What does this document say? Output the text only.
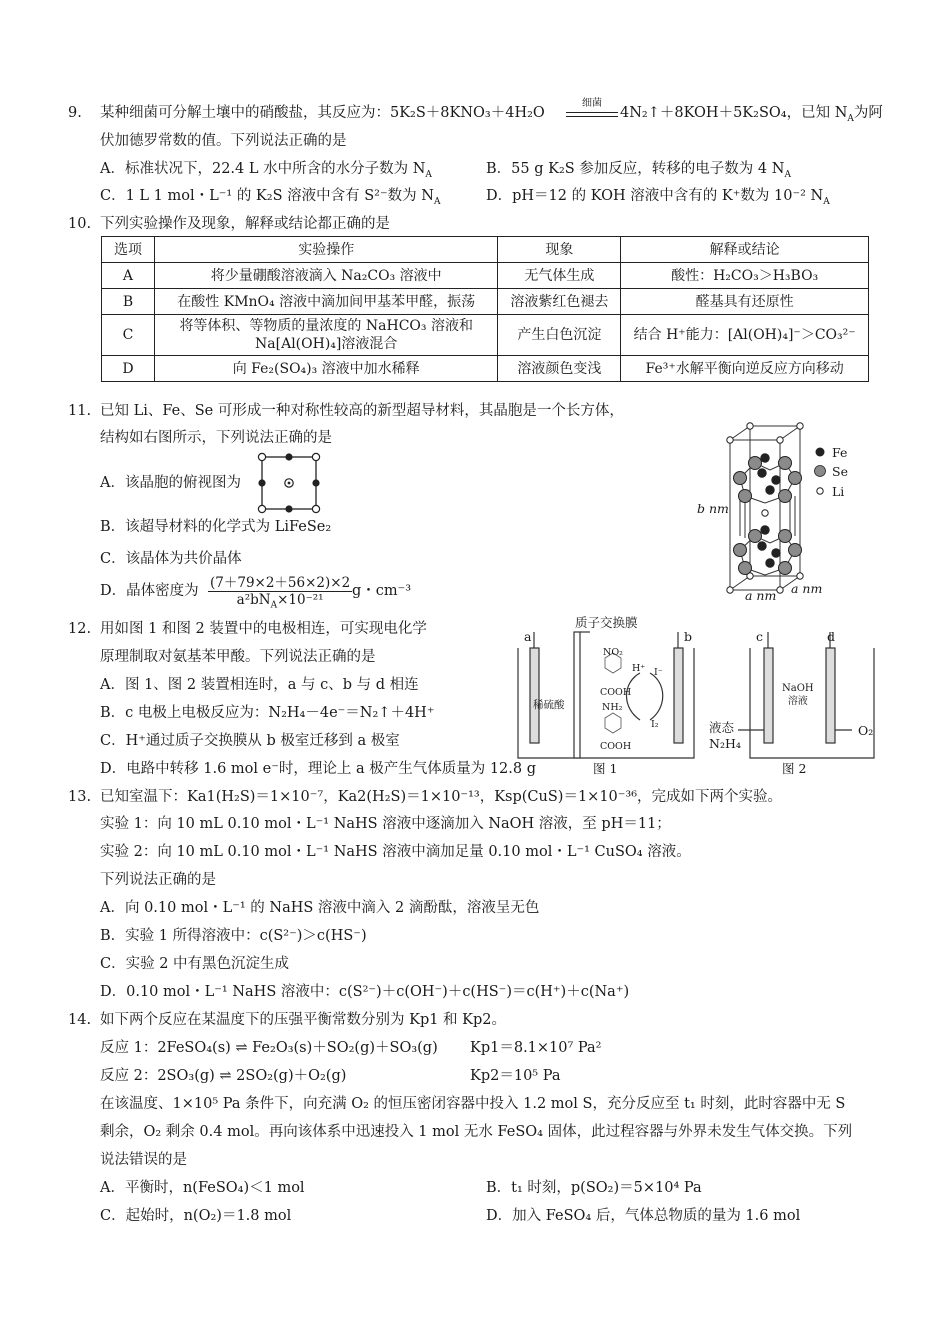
9. 某种细菌可分解土壤中的硝酸盐，其反应为：5K₂S＋8KNO₃＋4H₂O
细菌
4N₂↑＋8KOH＋5K₂SO₄，已知 $N_A$为阿
伏加德罗常数的值。下列说法正确的是
A．标准状况下，22.4 L 水中所含的水分子数为 $N_A$	B．55 g K₂S 参加反应，转移的电子数为 4 $N_A$
C．1 L 1 mol・L⁻¹ 的 K₂S 溶液中含有 S²⁻数为 $N_A$	D．pH＝12 的 KOH 溶液中含有的 K⁺数为 10⁻² $N_A$
10. 下列实验操作及现象，解释或结论都正确的是
选项	实验操作	现象	解释或结论
A	将少量硼酸溶液滴入 Na₂CO₃ 溶液中	无气体生成	酸性：H₂CO₃＞H₃BO₃
B	在酸性 KMnO₄ 溶液中滴加间甲基苯甲醛，振荡	溶液紫红色褪去	醛基具有还原性
C	将等体积、等物质的量浓度的 NaHCO₃ 溶液和 Na[Al(OH)₄]溶液混合	产生白色沉淀	结合 H⁺能力：[Al(OH)₄]⁻＞CO₃²⁻
D	向 Fe₂(SO₄)₃ 溶液中加水稀释	溶液颜色变浅	Fe³⁺水解平衡向逆反应方向移动
11. 已知 Li、Fe、Se 可形成一种对称性较高的新型超导材料，其晶胞是一个长方体，
结构如右图所示，下列说法正确的是
A．该晶胞的俯视图为
B．该超导材料的化学式为 LiFeSe₂
C．该晶体为共价晶体
D．晶体密度为 $\frac{(7+79\times 2+56\times 2)\times 2}{a^2bN_A\times 10^{-21}}$ g・cm⁻³
Fe
Se
Li
b nm
a nm a nm
12. 用如图 1 和图 2 装置中的电极相连，可实现电化学
原理制取对氨基苯甲酸。下列说法正确的是
A．图 1、图 2 装置相连时，a 与 c、b 与 d 相连
B．c 电极上电极反应为：N₂H₄－4e⁻＝N₂↑＋4H⁺
C．H⁺通过质子交换膜从 b 极室迁移到 a 极室
D．电路中转移 1.6 mol e⁻时，理论上 a 极产生气体质量为 12.8 g
质子交换膜
a	b	c	d
稀硫酸
NO₂
COOH
NH₂
COOH
H⁺ I⁻
I₂
NaOH
溶液
液态
N₂H₄
O₂
图 1	图 2
13. 已知室温下：Ka1(H₂S)＝1×10⁻⁷，Ka2(H₂S)＝1×10⁻¹³，Ksp(CuS)＝1×10⁻³⁶，完成如下两个实验。
实验 1：向 10 mL 0.10 mol・L⁻¹ NaHS 溶液中逐滴加入 NaOH 溶液，至 pH＝11；
实验 2：向 10 mL 0.10 mol・L⁻¹ NaHS 溶液中滴加足量 0.10 mol・L⁻¹ CuSO₄ 溶液。
下列说法正确的是
A．向 0.10 mol・L⁻¹ 的 NaHS 溶液中滴入 2 滴酚酞，溶液呈无色
B．实验 1 所得溶液中：c(S²⁻)＞c(HS⁻)
C．实验 2 中有黑色沉淀生成
D．0.10 mol・L⁻¹ NaHS 溶液中：c(S²⁻)＋c(OH⁻)＋c(HS⁻)＝c(H⁺)＋c(Na⁺)
14. 如下两个反应在某温度下的压强平衡常数分别为 Kp1 和 Kp2。
反应 1：2FeSO₄(s) ⇌ Fe₂O₃(s)＋SO₂(g)＋SO₃(g) Kp1＝8.1×10⁷ Pa²
反应 2：2SO₃(g) ⇌ 2SO₂(g)＋O₂(g)	Kp2＝10⁵ Pa
在该温度、1×10⁵ Pa 条件下，向充满 O₂ 的恒压密闭容器中投入 1.2 mol S，充分反应至 t₁ 时刻，此时容器中无 S
剩余，O₂ 剩余 0.4 mol。再向该体系中迅速投入 1 mol 无水 FeSO₄ 固体，此过程容器与外界未发生气体交换。下列
说法错误的是
A．平衡时，n(FeSO₄)＜1 mol	B．t₁ 时刻，p(SO₂)＝5×10⁴ Pa
C．起始时，n(O₂)＝1.8 mol	D．加入 FeSO₄ 后，气体总物质的量为 1.6 mol
